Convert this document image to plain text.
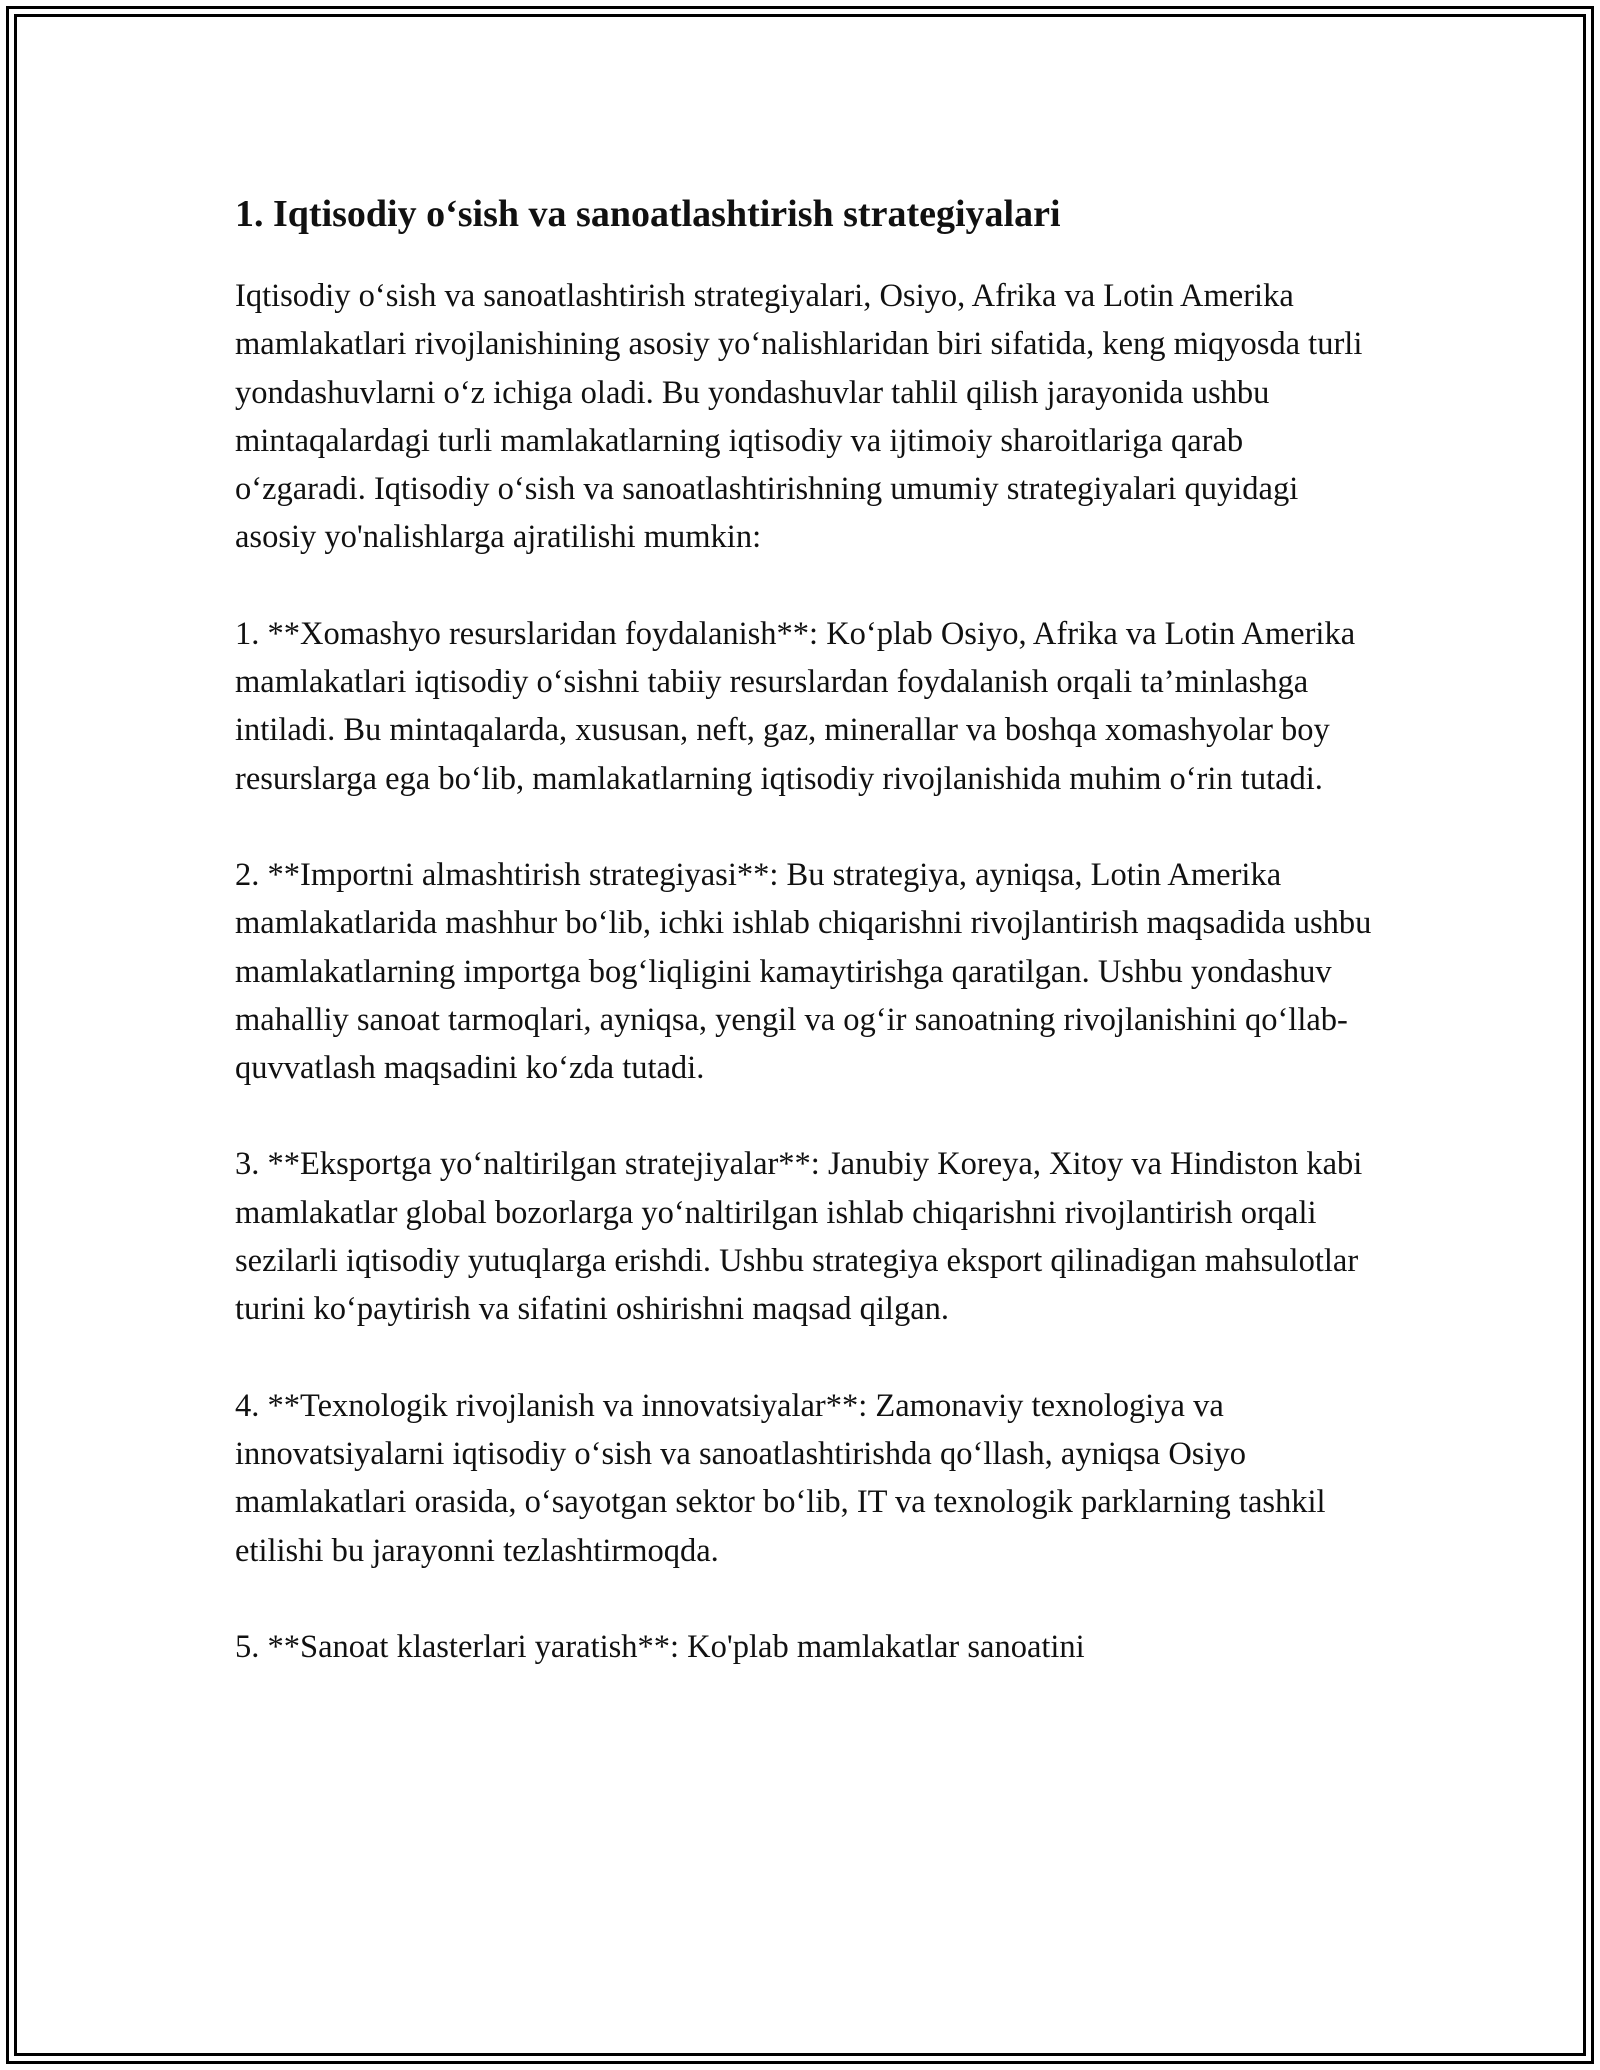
1. Iqtisodiy o‘sish va sanoatlashtirish strategiyalari

Iqtisodiy o‘sish va sanoatlashtirish strategiyalari, Osiyo, Afrika va Lotin Amerika mamlakatlari rivojlanishining asosiy yo‘nalishlaridan biri sifatida, keng miqyosda turli yondashuvlarni o‘z ichiga oladi. Bu yondashuvlar tahlil qilish jarayonida ushbu mintaqalardagi turli mamlakatlarning iqtisodiy va ijtimoiy sharoitlariga qarab o‘zgaradi. Iqtisodiy o‘sish va sanoatlashtirishning umumiy strategiyalari quyidagi asosiy yo'nalishlarga ajratilishi mumkin:

1. **Xomashyo resurslaridan foydalanish**: Ko‘plab Osiyo, Afrika va Lotin Amerika mamlakatlari iqtisodiy o‘sishni tabiiy resurslardan foydalanish orqali ta’minlashga intiladi. Bu mintaqalarda, xususan, neft, gaz, minerallar va boshqa xomashyolar boy resurslarga ega bo‘lib, mamlakatlarning iqtisodiy rivojlanishida muhim o‘rin tutadi.

2. **Importni almashtirish strategiyasi**: Bu strategiya, ayniqsa, Lotin Amerika mamlakatlarida mashhur bo‘lib, ichki ishlab chiqarishni rivojlantirish maqsadida ushbu mamlakatlarning importga bog‘liqligini kamaytirishga qaratilgan. Ushbu yondashuv mahalliy sanoat tarmoqlari, ayniqsa, yengil va og‘ir sanoatning rivojlanishini qo‘llab-quvvatlash maqsadini ko‘zda tutadi.

3. **Eksportga yo‘naltirilgan stratejiyalar**: Janubiy Koreya, Xitoy va Hindiston kabi mamlakatlar global bozorlarga yo‘naltirilgan ishlab chiqarishni rivojlantirish orqali sezilarli iqtisodiy yutuqlarga erishdi. Ushbu strategiya eksport qilinadigan mahsulotlar turini ko‘paytirish va sifatini oshirishni maqsad qilgan.

4. **Texnologik rivojlanish va innovatsiyalar**: Zamonaviy texnologiya va innovatsiyalarni iqtisodiy o‘sish va sanoatlashtirishda qo‘llash, ayniqsa Osiyo mamlakatlari orasida, o‘sayotgan sektor bo‘lib, IT va texnologik parklarning tashkil etilishi bu jarayonni tezlashtirmoqda.

5. **Sanoat klasterlari yaratish**: Ko'plab mamlakatlar sanoatini
